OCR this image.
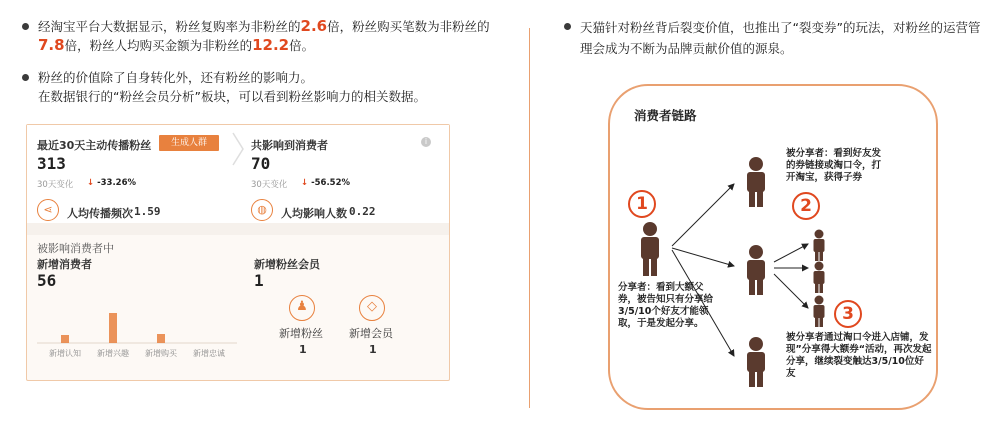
经淘宝平台大数据显示，粉丝复购率为非粉丝的2.6倍，粉丝购买笔数为非粉丝的
7.8倍，粉丝人均购买金额为非粉丝的12.2倍。
粉丝的价值除了自身转化外，还有粉丝的影响力。
在数据银行的“粉丝会员分析”板块，可以看到粉丝影响力的相关数据。
最近30天主动传播粉丝	生成人群
313
30天变化 ↓ -33.26%
⋖	人均传播频次 1.59
共影响到消费者	i
70
30天变化 ↓ -56.52%
◍	人均影响人数 0.22
被影响消费者中
新增消费者
56
新增认知 新增兴趣 新增购买 新增忠诚
新增粉丝会员
1
♟
新增粉丝
1
◇
新增会员
1
天猫针对粉丝背后裂变价值，也推出了“裂变券”的玩法，对粉丝的运营管理会成为不断为品牌贡献价值的源泉。
消费者链路
1	2
3
分享者：看到大额父券，被告知只有分享给3/5/10个好友才能领取，于是发起分享。
被分享者：看到好友发的券链接或淘口令，打开淘宝，获得子券
被分享者通过淘口令进入店铺，发现”分享得大额券“活动，再次发起分享，继续裂变触达3/5/10位好友
